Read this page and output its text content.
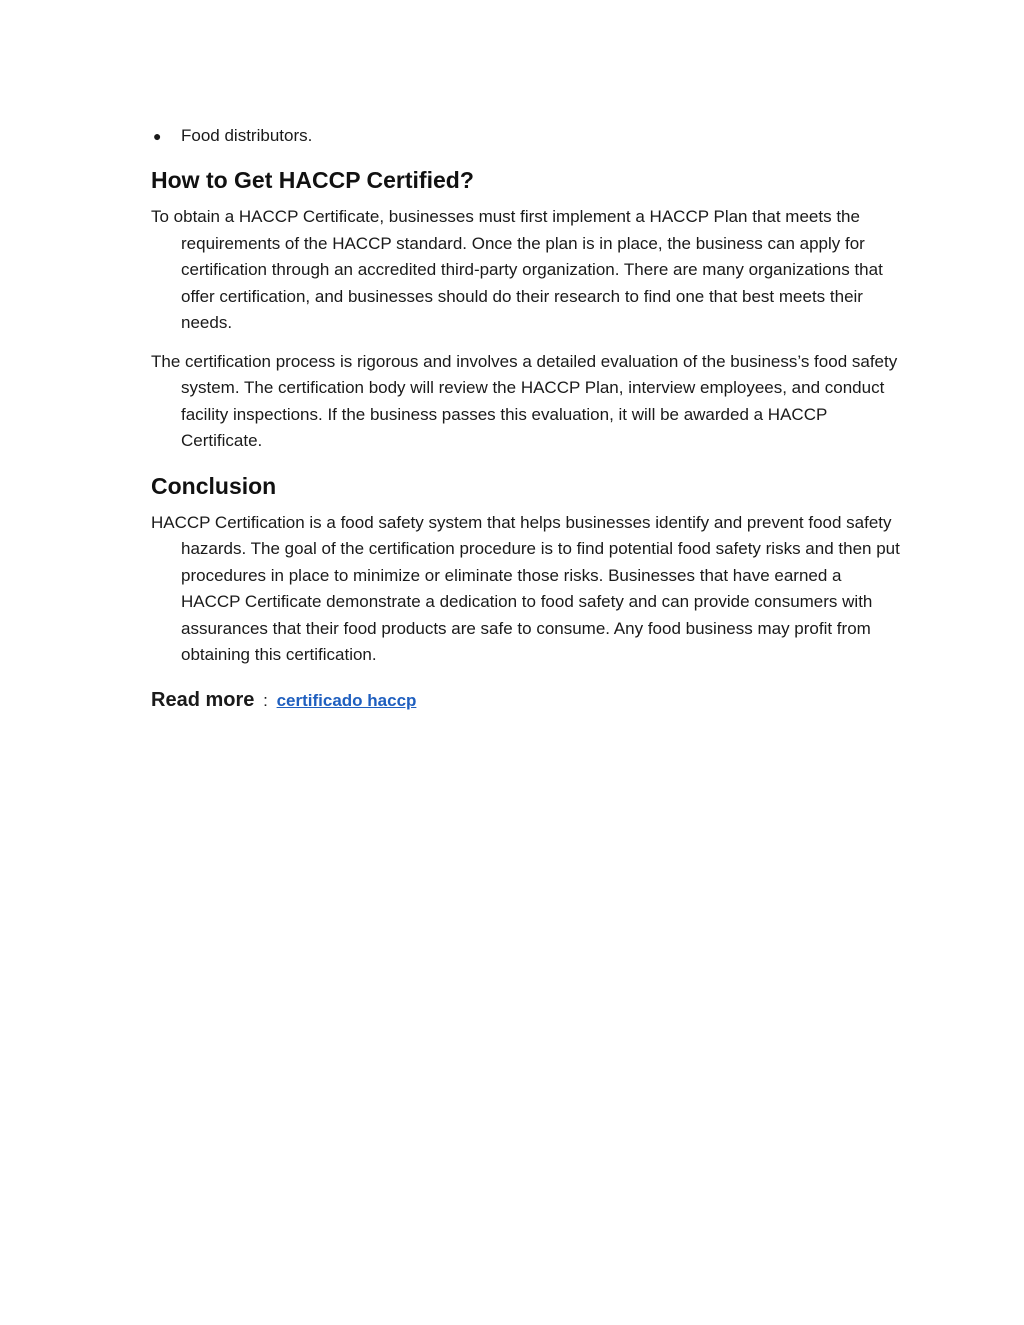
● Food distributors.
How to Get HACCP Certified?

To obtain a HACCP Certificate, businesses must first implement a HACCP Plan that meets the requirements of the HACCP standard. Once the plan is in place, the business can apply for certification through an accredited third-party organization. There are many organizations that offer certification, and businesses should do their research to find one that best meets their needs.

The certification process is rigorous and involves a detailed evaluation of the business’s food safety system. The certification body will review the HACCP Plan, interview employees, and conduct facility inspections. If the business passes this evaluation, it will be awarded a HACCP Certificate.

Conclusion

HACCP Certification is a food safety system that helps businesses identify and prevent food safety hazards. The goal of the certification procedure is to find potential food safety risks and then put procedures in place to minimize or eliminate those risks. Businesses that have earned a HACCP Certificate demonstrate a dedication to food safety and can provide consumers with assurances that their food products are safe to consume. Any food business may profit from obtaining this certification.

Read more : certificado haccp
